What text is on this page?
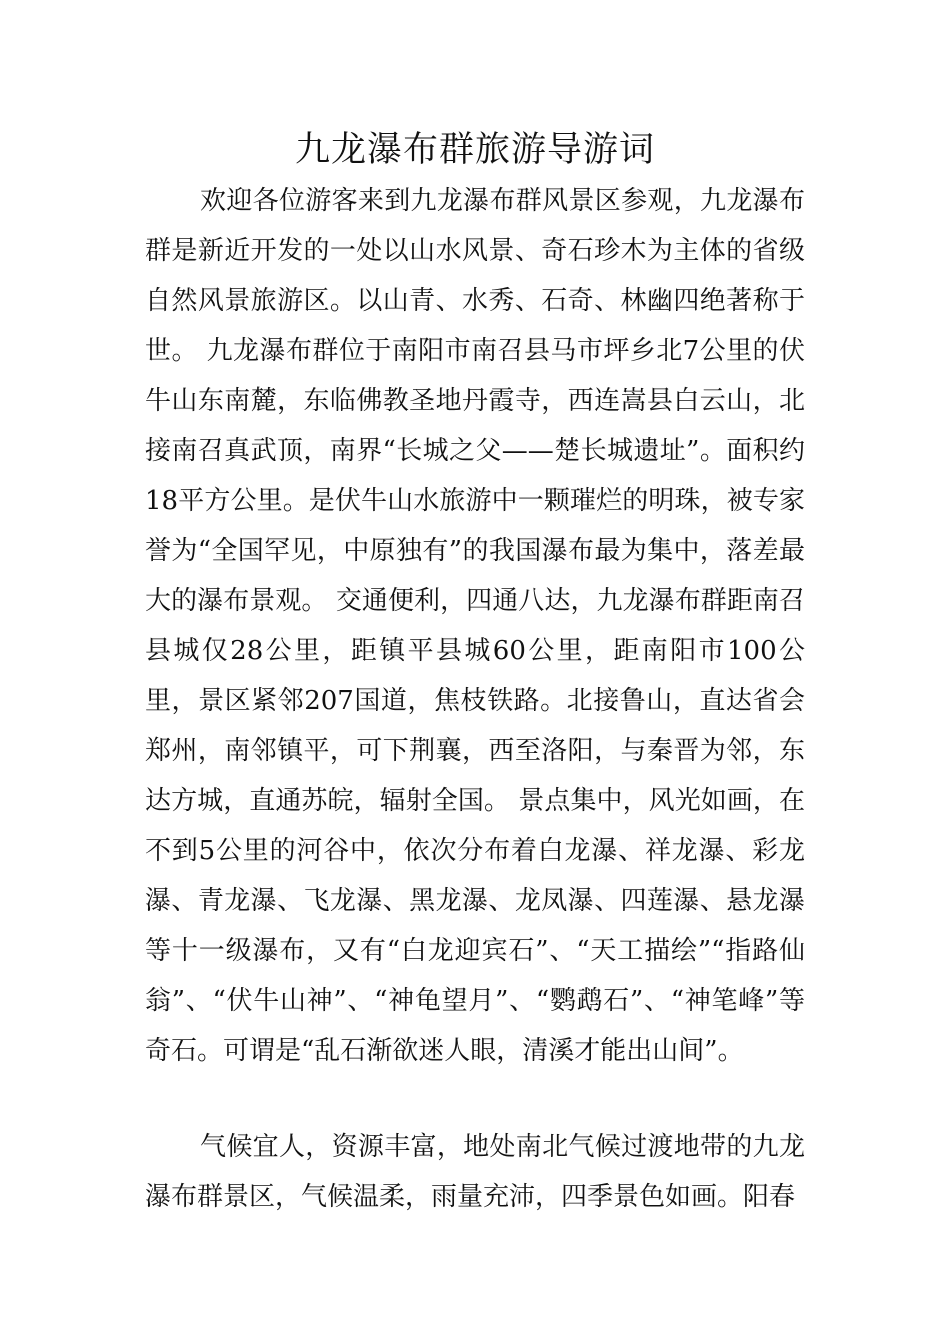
九龙瀑布群旅游导游词

欢迎各位游客来到九龙瀑布群风景区参观，九龙瀑布群是新近开发的一处以山水风景、奇石珍木为主体的省级自然风景旅游区。以山青、水秀、石奇、林幽四绝著称于世。 九龙瀑布群位于南阳市南召县马市坪乡北7公里的伏牛山东南麓，东临佛教圣地丹霞寺，西连嵩县白云山，北接南召真武顶，南界“长城之父——楚长城遗址”。面积约18平方公里。是伏牛山水旅游中一颗璀烂的明珠，被专家誉为“全国罕见，中原独有”的我国瀑布最为集中，落差最大的瀑布景观。 交通便利，四通八达，九龙瀑布群距南召县城仅28公里，距镇平县城60公里，距南阳市100公里，景区紧邻207国道，焦枝铁路。北接鲁山，直达省会郑州，南邻镇平，可下荆襄，西至洛阳，与秦晋为邻，东达方城，直通苏皖，辐射全国。 景点集中，风光如画，在不到5公里的河谷中，依次分布着白龙瀑、祥龙瀑、彩龙瀑、青龙瀑、飞龙瀑、黑龙瀑、龙凤瀑、四莲瀑、悬龙瀑等十一级瀑布，又有“白龙迎宾石”、“天工描绘”“指路仙翁”、“伏牛山神”、“神龟望月”、“鹦鹉石”、“神笔峰”等奇石。可谓是“乱石渐欲迷人眼，清溪才能出山间”。

气候宜人，资源丰富，地处南北气候过渡地带的九龙瀑布群景区，气候温柔，雨量充沛，四季景色如画。阳春
